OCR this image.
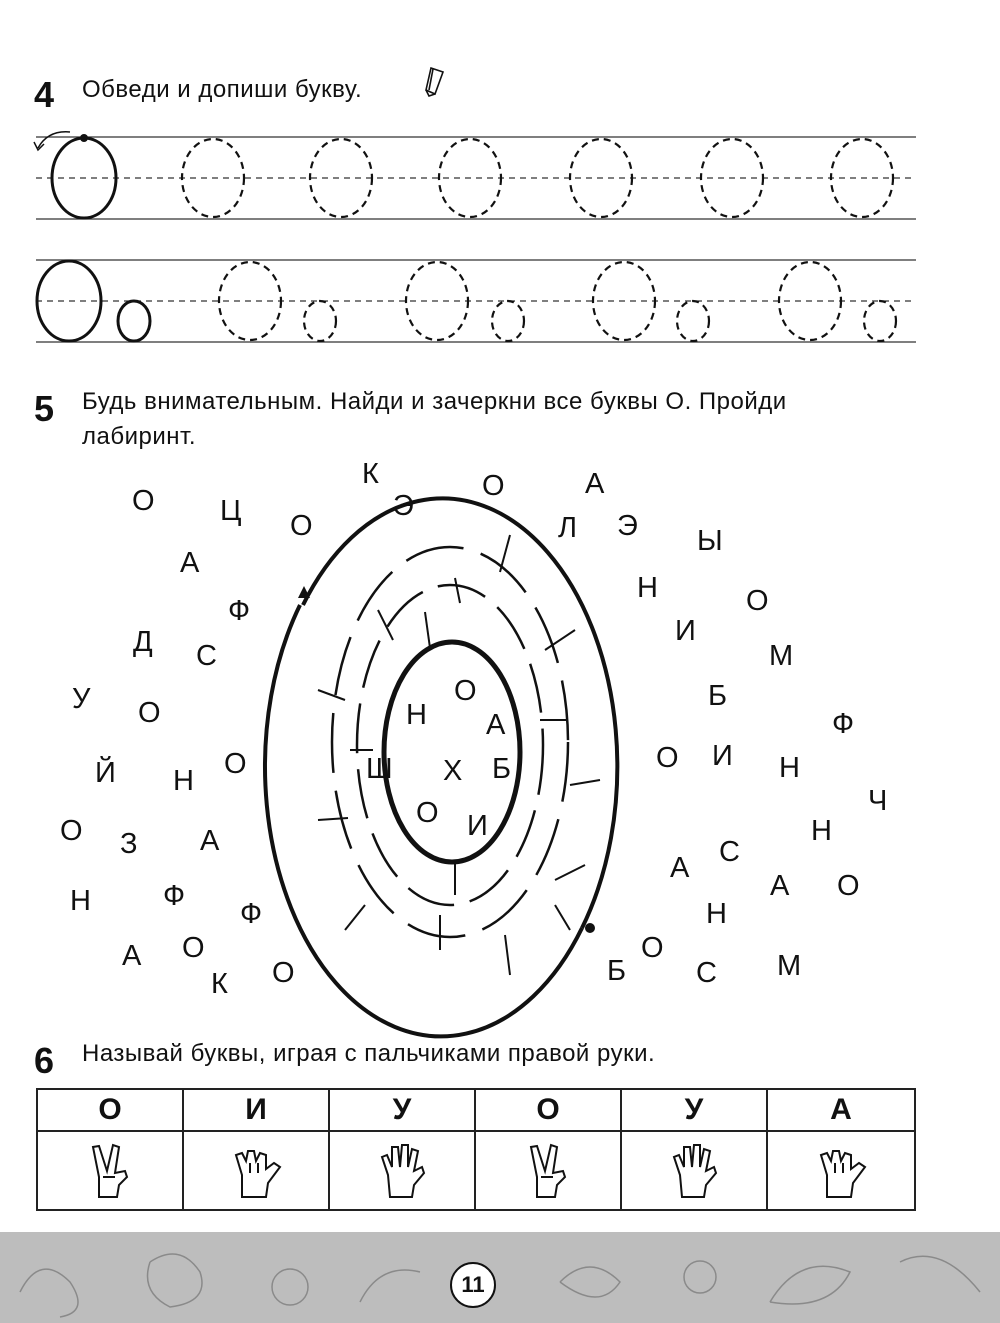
4 Обведи и допиши букву.
5 Будь внимательным. Найди и зачеркни все буквы О. Пройди
лабиринт.
К	О	А
О Ц О
Э
Л Э Ы
А
Ф
Н	О
Д С
И
М
У О
Б
Ф
Й Н
О	О И Н
Ч
О З А	Н
С
А
Н Ф
Ф
А О
Н
А О
К О	Б
О
С М
О
Н А
Ш Х Б
О И
6 Называй буквы, играя с пальчиками правой руки.
О	И	У	О	У	А
11
